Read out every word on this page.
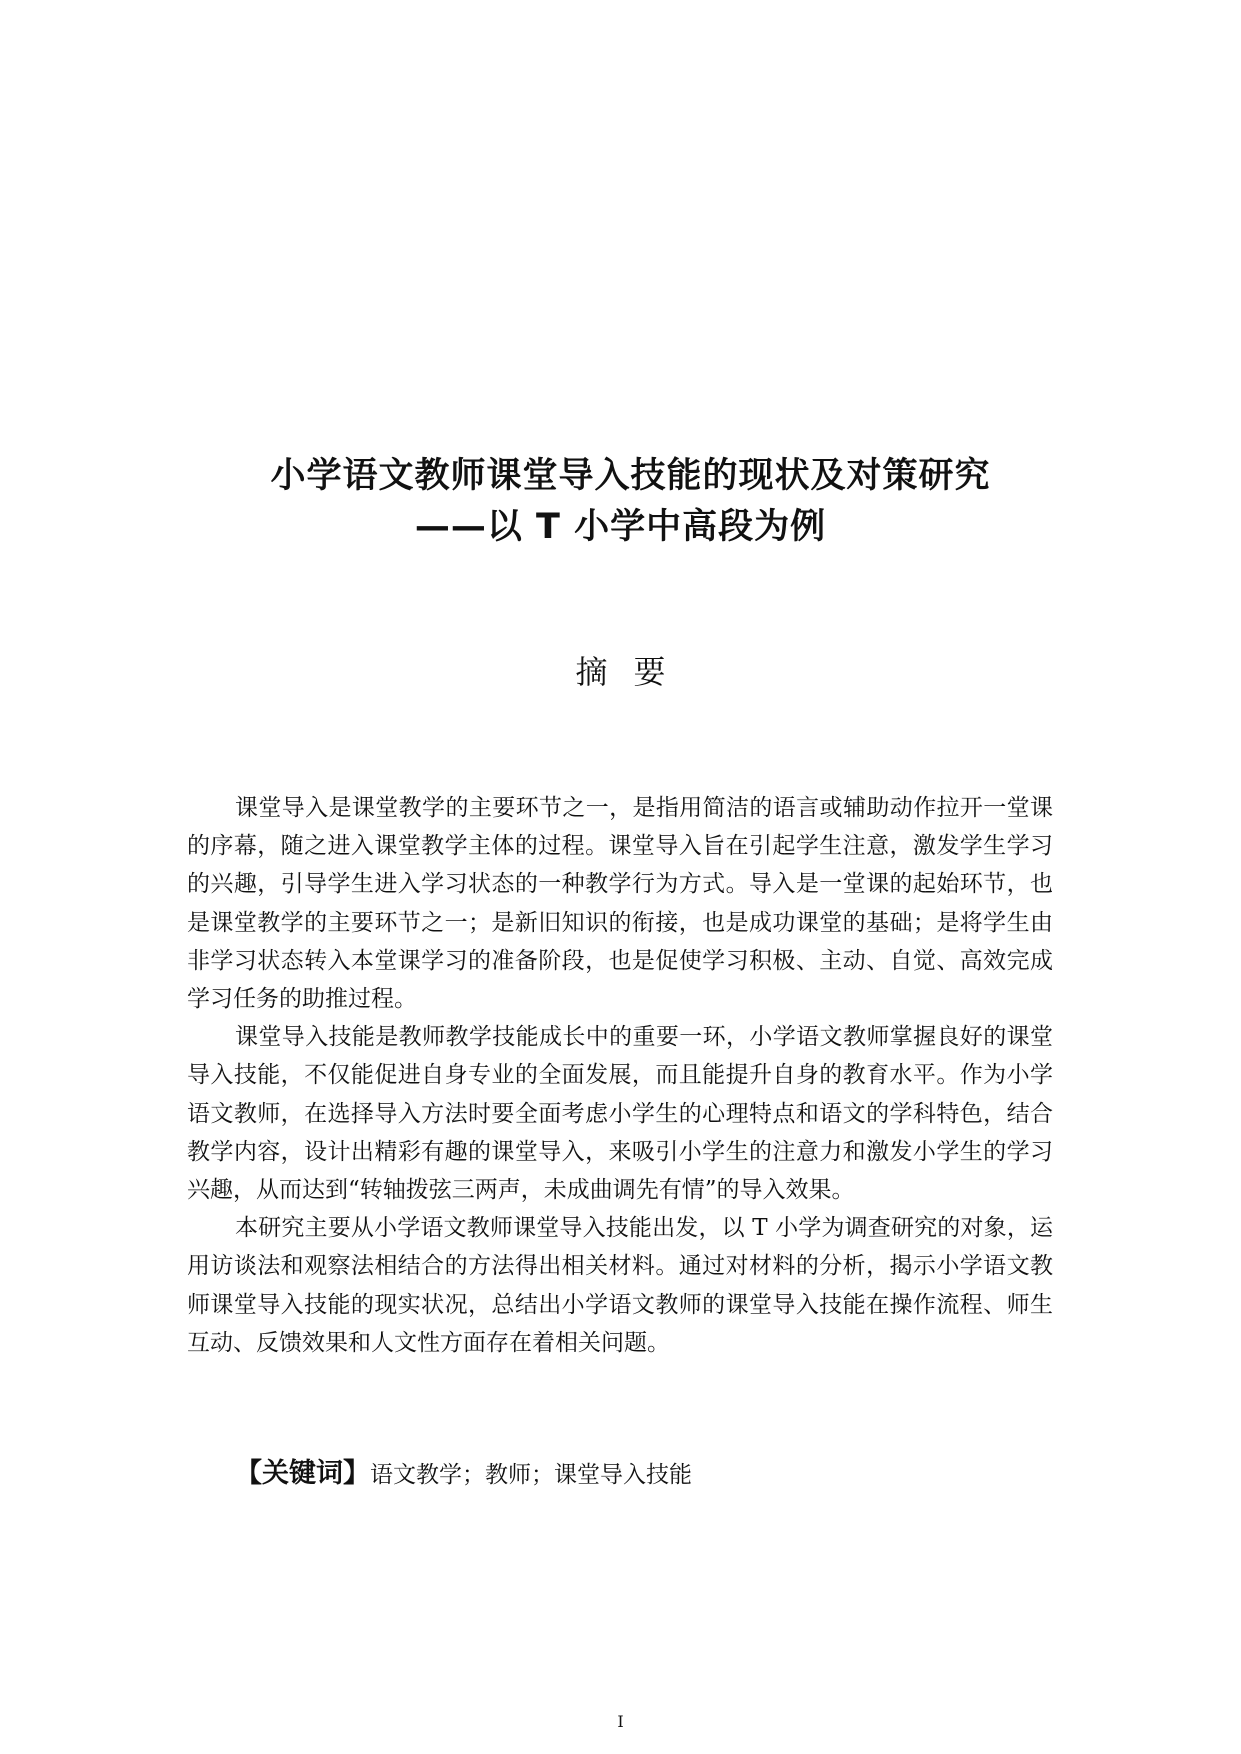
小学语文教师课堂导入技能的现状及对策研究
——以 T 小学中高段为例
摘要

课堂导入是课堂教学的主要环节之一，是指用简洁的语言或辅助动作拉开一堂课的序幕，随之进入课堂教学主体的过程。课堂导入旨在引起学生注意，激发学生学习的兴趣，引导学生进入学习状态的一种教学行为方式。导入是一堂课的起始环节，也是课堂教学的主要环节之一；是新旧知识的衔接，也是成功课堂的基础；是将学生由非学习状态转入本堂课学习的准备阶段，也是促使学习积极、主动、自觉、高效完成学习任务的助推过程。

课堂导入技能是教师教学技能成长中的重要一环，小学语文教师掌握良好的课堂导入技能，不仅能促进自身专业的全面发展，而且能提升自身的教育水平。作为小学语文教师，在选择导入方法时要全面考虑小学生的心理特点和语文的学科特色，结合教学内容，设计出精彩有趣的课堂导入，来吸引小学生的注意力和激发小学生的学习兴趣，从而达到“转轴拨弦三两声，未成曲调先有情”的导入效果。

本研究主要从小学语文教师课堂导入技能出发，以 T 小学为调查研究的对象，运用访谈法和观察法相结合的方法得出相关材料。通过对材料的分析，揭示小学语文教师课堂导入技能的现实状况，总结出小学语文教师的课堂导入技能在操作流程、师生互动、反馈效果和人文性方面存在着相关问题。

【关键词】语文教学；教师；课堂导入技能
I
